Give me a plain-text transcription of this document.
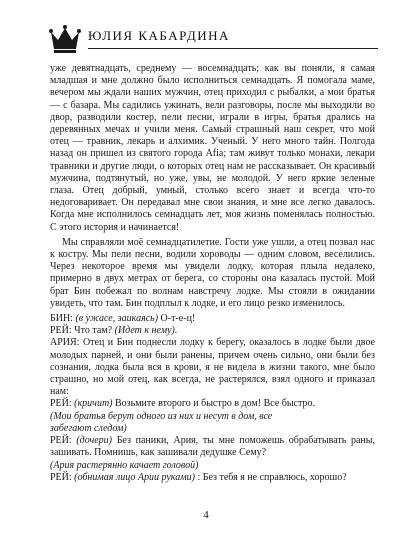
ЮЛИЯ КАБАРДИНА

уже девятнадцать, среднему — восемнадцать; как вы поняли, я самая младшая и мне должно было исполниться семнадцать. Я помогала маме, вечером мы ждали наших мужчин, отец приходил с рыбалки, а мои братья — с базара. Мы садились ужинать, вели разговоры, после мы выходили во двор, разводили костер, пели песни, играли в игры, братья дрались на деревянных мечах и учили меня. Самый страшный наш секрет, что мой отец — травник, лекарь и алхимик. Ученый. У него много тайн. Полгода назад он пришел из святого города Afia; там живут только монахи, лекари травники и другие люди, о которых отец нам не рассказывает. Он красивый мужчина, подтянутый, но уже, увы, не молодой. У него яркие зеленые глаза. Отец добрый, умный, столько всего знает и всегда что-то недоговаривает. Он передавал мне свои знания, и мне все легко давалось. Когда мне исполнилось семнадцать лет, моя жизнь поменялась полностью. С этого история и начинается!

Мы справляли моё семнадцатилетие. Гости уже ушли, а отец позвал нас к костру. Мы пели песни, водили хороводы — одним словом, веселились. Через некоторое время мы увидели лодку, которая плыла недалеко, примерно в двух метрах от берега, со стороны она казалась пустой. Мой брат Бин побежал по волнам навстречу лодке. Мы стояли в ожидании увидеть, что там. Бин подплыл к лодке, и его лицо резко изменилось.

БИН: (в ужасе, заикаясь) О-т-е-ц!

РЕЙ: Что там? (Идет к нему).

АРИЯ: Отец и Бин поднесли лодку к берегу, оказалось в лодке были двое молодых парней, и они были ранены, причем очень сильно, они были без сознания, лодка была вся в крови, я не видела в жизни такого, мне было страшно, но мой отец, как всегда, не растерялся, взял одного и приказал нам:

РЕЙ: (кричит) Возьмите второго и быстро в дом! Все быстро.

(Мои братья берут одного из них и несут в дом, все

забегают следом)

РЕЙ: (дочери) Без паники, Ария, ты мне поможешь обрабатывать раны, зашивать. Помнишь, как зашивали дедушке Сему?

(Ария растерянно качает головой)

РЕЙ: (обнимая лицо Арии руками) : Без тебя я не справлюсь, хорошо?

4
